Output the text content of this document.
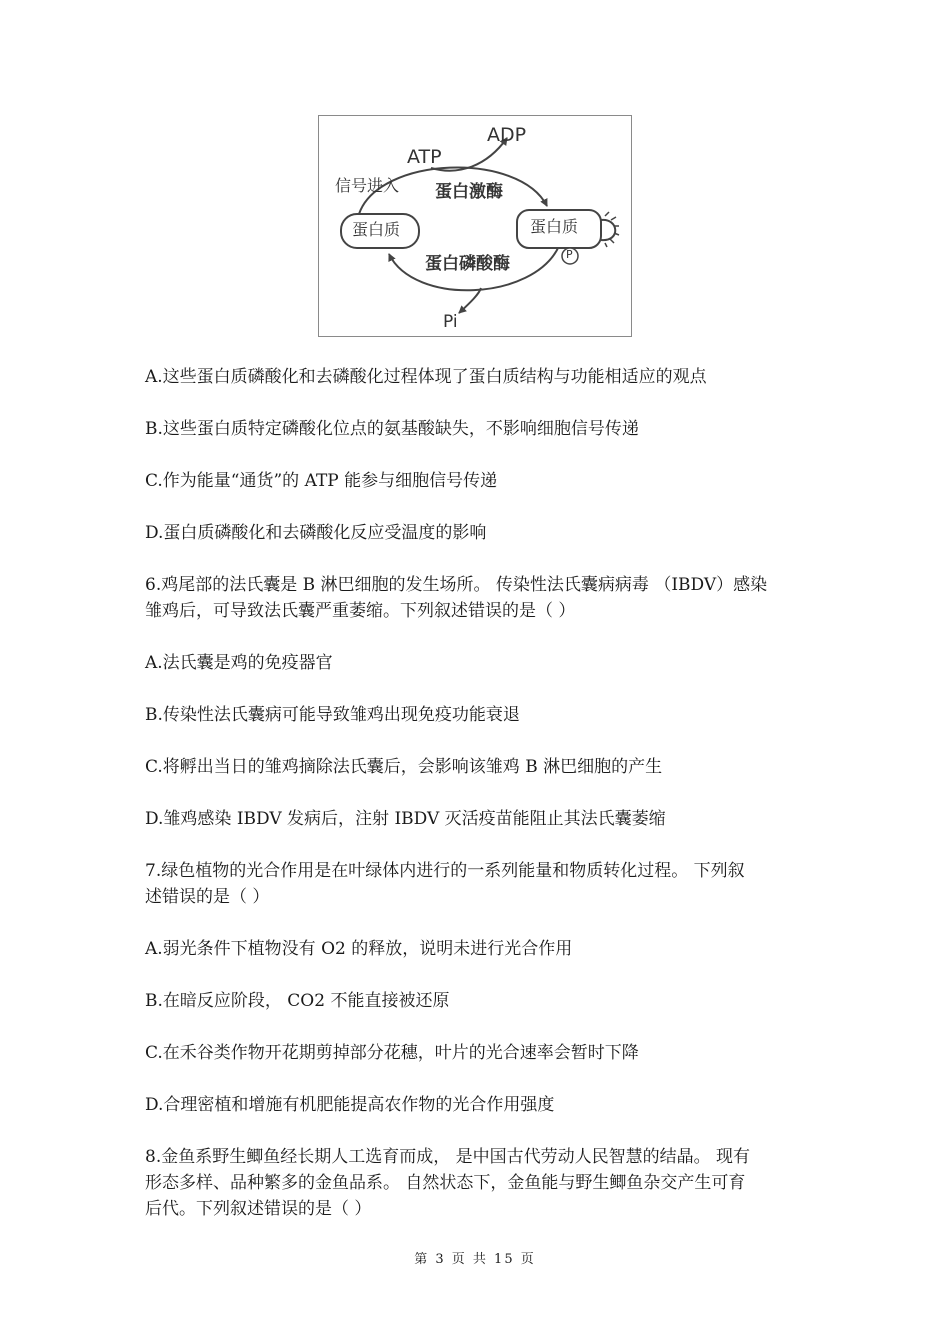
ADP
ATP
信号进入 蛋白激酶
蛋白质	蛋白质
P
蛋白磷酸酶
Pi
A.这些蛋白质磷酸化和去磷酸化过程体现了蛋白质结构与功能相适应的观点
B.这些蛋白质特定磷酸化位点的氨基酸缺失，不影响细胞信号传递
C.作为能量“通货”的 ATP 能参与细胞信号传递
D.蛋白质磷酸化和去磷酸化反应受温度的影响
6.鸡尾部的法氏囊是 B 淋巴细胞的发生场所。 传染性法氏囊病病毒 （IBDV）感染
雏鸡后，可导致法氏囊严重萎缩。下列叙述错误的是（ ）
A.法氏囊是鸡的免疫器官
B.传染性法氏囊病可能导致雏鸡出现免疫功能衰退
C.将孵出当日的雏鸡摘除法氏囊后，会影响该雏鸡 B 淋巴细胞的产生
D.雏鸡感染 IBDV 发病后，注射 IBDV 灭活疫苗能阻止其法氏囊萎缩
7.绿色植物的光合作用是在叶绿体内进行的一系列能量和物质转化过程。 下列叙
述错误的是（ ）
A.弱光条件下植物没有 O2 的释放，说明未进行光合作用
B.在暗反应阶段， CO2 不能直接被还原
C.在禾谷类作物开花期剪掉部分花穗，叶片的光合速率会暂时下降
D.合理密植和增施有机肥能提高农作物的光合作用强度
8.金鱼系野生鲫鱼经长期人工选育而成， 是中国古代劳动人民智慧的结晶。 现有
形态多样、品种繁多的金鱼品系。 自然状态下，金鱼能与野生鲫鱼杂交产生可育
后代。下列叙述错误的是（ ）
第 3 页 共 15 页
